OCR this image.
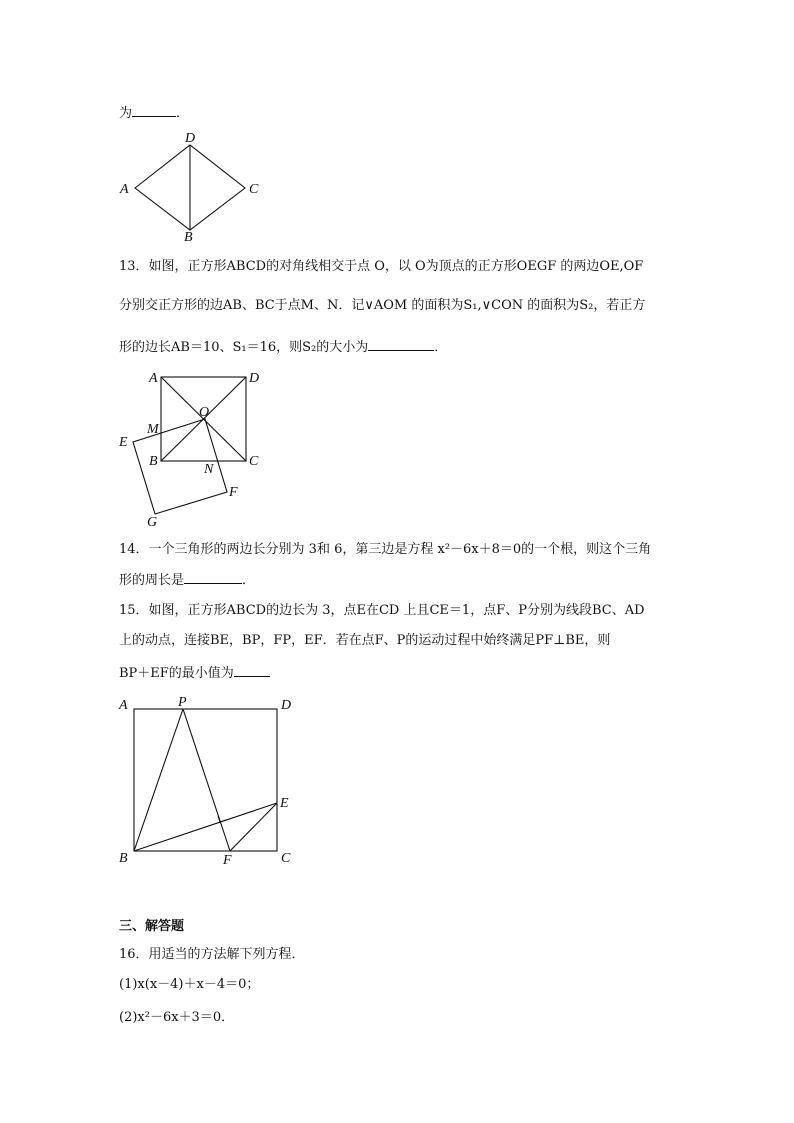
为	．
A
D
C
B
13．如图，正方形ABCD的对角线相交于点 O，以 O为顶点的正方形OEGF 的两边OE,OF
分别交正方形的边AB、BC于点M、N．记∨AOM 的面积为S₁,∨CON 的面积为S₂，若正方
形的边长AB＝10、S₁＝16，则S₂的大小为	．
A	D
O
M
E
B
N
C
F
G
14．一个三角形的两边长分别为 3和 6，第三边是方程 x²－6x＋8＝0的一个根，则这个三角
形的周长是	．
15．如图，正方形ABCD的边长为 3，点E在CD 上且CE＝1，点F、P分别为线段BC、AD
上的动点，连接BE，BP，FP，EF．若在点F、P的运动过程中始终满足PF⊥BE，则
BP＋EF的最小值为
A	P	D
E
B	F	C
三、解答题
16．用适当的方法解下列方程．
(1)x(x－4)＋x－4＝0；
(2)x²－6x＋3＝0．
